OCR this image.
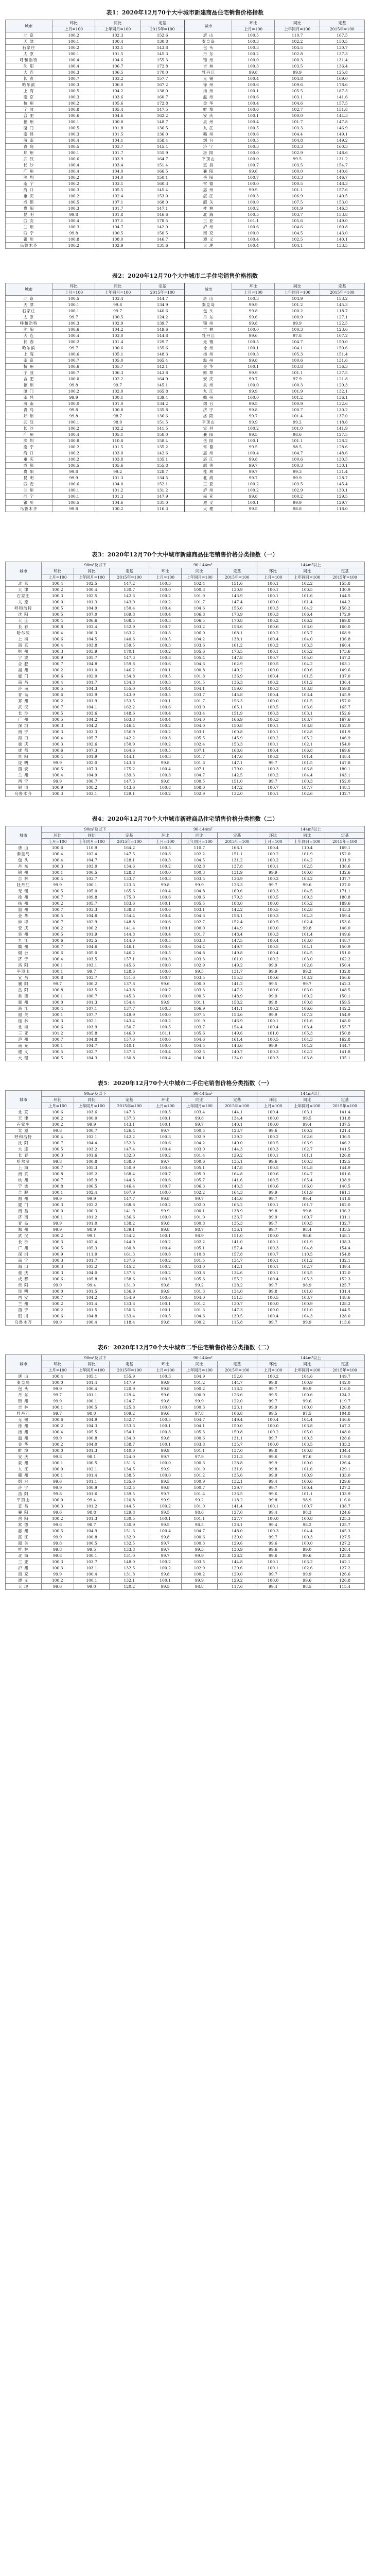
表1：2020年12月70个大中城市新建商品住宅销售价格指数
城市	环比	同比	定基	城市	环比	同比	定基
	上月=100	上年同月=100	2015年=100		上月=100	上年同月=100	2015年=100
北 京	100.2	102.3	152.6	唐 山	100.5	110.7	167.5
天 津	100.1	100.4	130.8	秦皇岛	100.3	102.2	150.5
石家庄	100.2	102.1	143.8	包 头	100.3	104.5	130.7
太 原	100.1	101.5	145.3	丹 东	100.2	102.8	137.3
呼和浩特	100.4	104.6	155.3	锦 州	100.0	100.3	131.4
沈 阳	100.4	106.7	172.8	吉 林	100.3	103.5	136.4
大 连	100.3	106.5	170.0	牡丹江	99.8	99.9	125.8
长 春	100.7	103.2	157.7	无 锡	100.4	104.8	169.0
哈尔滨	100.3	106.0	167.2	徐 州	100.6	109.6	178.6
上 海	100.5	104.2	138.0	扬 州	100.1	105.5	187.3
南 京	100.3	103.6	160.7	温 州	100.6	103.1	141.6
杭 州	100.2	105.6	172.8	金 华	100.4	104.6	157.5
宁 波	100.8	105.4	147.5	蚌 埠	100.6	102.7	151.8
合 肥	100.6	104.6	162.2	安 庆	100.1	100.0	144.3
福 州	100.1	100.8	148.7	泉 州	100.4	101.7	147.8
厦 门	100.5	101.8	136.5	九 江	100.5	103.3	146.9
南 昌	100.3	101.5	136.0	赣 州	100.6	104.4	149.1
济 南	100.4	104.1	158.4	烟 台	100.5	104.8	149.2
青 岛	100.5	103.7	145.4	济 宁	100.3	103.3	160.3
郑 州	100.1	101.7	155.9	洛 阳	100.0	102.9	148.6
武 汉	100.6	103.9	164.7	平顶山	100.0	99.5	131.2
长 沙	100.4	103.4	151.4	宜 昌	100.7	103.5	154.7
广 州	100.4	104.0	166.5	襄 阳	99.6	100.0	140.6
深 圳	100.2	104.0	150.1	岳 阳	100.7	103.3	146.7
南 宁	100.2	103.1	160.3	常 德	100.0	100.5	148.3
海 口	100.3	105.5	145.4	惠 州	99.9	101.1	157.6
重 庆	100.2	102.4	153.0	湛 江	100.3	106.9	140.5
成 都	100.5	107.1	168.0	韶 关	100.0	107.5	153.0
贵 阳	100.3	101.7	147.1	桂 林	100.2	101.9	146.3
昆 明	99.8	101.8	146.6	北 海	100.5	103.7	153.8
西 安	100.4	107.1	178.5	三 亚	101.1	105.6	149.0
兰 州	100.3	104.7	142.0	泸 州	100.6	104.6	160.8
西 宁	99.8	100.5	150.5	南 充	100.0	104.5	143.0
银 川	100.8	108.0	146.7	遵 义	100.4	102.5	140.1
乌鲁木齐	100.2	102.9	131.6	大 理	100.4	104.1	133.5
表2：2020年12月70个大中城市二手住宅销售价格指数
城市	环比	同比	定基	城市	环比	同比	定基
	上月=100	上年同月=100	2015年=100		上月=100	上年同月=100	2015年=100
北 京	100.5	103.4	144.7	唐 山	100.3	104.9	153.2
天 津	100.1	99.8	134.9	秦皇岛	99.9	101.2	145.3
石家庄	100.1	99.7	140.6	包 头	99.8	100.2	118.7
太 原	99.7	100.5	124.2	丹 东	99.6	100.9	127.1
呼和浩特	100.3	102.9	139.7	锦 州	99.8	99.9	122.5
沈 阳	100.6	104.2	149.6	吉 林	100.0	100.3	123.6
大 连	100.4	103.0	144.8	牡丹江	99.6	97.8	107.2
长 春	100.2	101.4	129.7	无 锡	100.5	104.7	150.0
哈尔滨	99.7	100.6	135.6	徐 州	100.1	104.1	150.6
上 海	100.6	105.1	148.3	扬 州	100.3	105.3	151.4
南 京	100.7	105.0	165.4	温 州	99.8	100.6	131.6
杭 州	100.6	105.7	142.1	金 华	100.1	103.8	136.3
宁 波	100.7	106.3	143.8	蚌 埠	99.9	101.1	137.5
合 肥	100.0	102.2	164.9	安 庆	99.7	97.9	121.8
福 州	99.8	99.7	145.1	泉 州	100.0	100.3	129.3
厦 门	100.2	102.0	165.8	九 江	99.9	101.9	132.1
南 昌	99.9	100.1	139.4	赣 州	100.0	101.2	136.1
济 南	100.0	101.0	134.2	烟 台	99.5	100.9	132.6
青 岛	99.8	100.8	135.8	济 宁	99.8	100.7	130.2
郑 州	99.8	98.7	136.6	洛 阳	99.7	101.4	137.0
武 汉	100.1	98.9	151.5	平顶山	99.9	99.2	118.6
长 沙	100.2	102.2	141.5	宜 昌	100.2	101.0	141.9
广 州	100.4	105.1	158.0	襄 阳	99.5	98.6	127.5
深 圳	100.8	110.8	158.4	岳 阳	100.1	101.1	128.2
南 宁	100.2	101.5	135.2	常 德	99.5	98.5	128.6
海 口	100.2	103.0	142.6	惠 州	100.4	104.7	148.6
重 庆	100.2	103.8	135.1	湛 江	99.8	100.6	130.5
成 都	100.5	105.6	155.8	韶 关	99.7	100.3	130.1
贵 阳	99.8	99.2	128.7	桂 林	99.7	99.3	131.4
昆 明	99.9	101.3	134.5	北 海	99.7	99.9	128.7
西 安	100.6	104.0	152.1	三 亚	100.2	103.5	145.4
兰 州	100.1	101.2	131.2	泸 州	100.2	102.9	130.1
西 宁	100.1	101.3	147.9	南 充	99.8	100.2	129.5
银 川	100.5	104.6	131.0	遵 义	100.1	99.9	129.7
乌鲁木齐	99.8	100.2	116.3	大 理	99.5	98.8	118.0
表3：2020年12月70个大中城市新建商品住宅销售价格分类指数（一）
城市	90m²及以下			90-144m²			144m²以上		
	环比	同比	定基	环比	同比	定基	环比	同比	定基
	上月=100	上年同月=100	2015年=100	上月=100	上年同月=100	2015年=100	上月=100	上年同月=100	2015年=100
北 京	100.4	102.5	147.2	100.3	102.4	151.6	100.1	102.2	155.8
天 津	100.2	100.4	130.7	100.0	100.3	130.9	100.1	100.5	130.9
石家庄	100.3	102.5	142.6	100.2	101.9	143.9	100.1	101.6	144.5
太 原	100.0	101.3	143.0	100.2	101.7	147.4	100.0	101.4	144.2
呼和浩特	100.5	104.9	150.4	100.4	104.6	156.6	100.3	104.2	156.2
沈 阳	100.5	107.0	169.8	100.4	106.8	173.9	100.3	106.4	172.9
大 连	100.4	106.6	168.5	100.3	106.5	170.8	100.2	106.2	169.8
长 春	100.8	103.4	152.9	100.7	103.2	158.6	100.6	103.0	160.0
哈尔滨	100.4	106.3	163.2	100.3	106.0	168.1	100.2	105.7	168.9
上 海	100.6	104.5	140.6	100.5	104.2	138.1	100.4	104.0	136.8
南 京	100.4	103.8	159.5	100.3	103.6	161.2	100.2	103.3	160.4
杭 州	100.3	105.9	170.1	100.2	105.6	173.5	100.1	105.2	173.6
宁 波	100.9	105.7	147.3	100.8	105.4	147.8	100.7	105.0	147.2
合 肥	100.7	104.8	159.8	100.6	104.6	162.9	100.5	104.2	163.1
福 州	100.2	101.0	146.2	100.1	100.8	149.2	100.0	100.6	149.6
厦 门	100.6	102.0	134.8	100.5	101.8	136.9	100.4	101.5	137.0
南 昌	100.4	101.7	134.8	100.3	101.5	136.3	100.2	101.2	136.4
济 南	100.5	104.3	155.0	100.4	104.1	159.0	100.3	103.8	159.8
青 岛	100.6	103.9	143.9	100.5	103.7	145.8	100.4	103.4	145.9
郑 州	100.2	101.9	153.5	100.1	101.7	156.3	100.0	101.5	157.0
武 汉	100.7	104.1	162.2	100.6	103.9	165.1	100.5	103.6	165.7
长 沙	100.5	103.6	148.6	100.4	103.4	151.9	100.3	103.1	152.6
广 州	100.5	104.2	163.8	100.4	104.0	166.9	100.3	103.7	167.6
深 圳	100.3	104.2	146.4	100.2	104.0	150.8	100.1	103.8	152.0
南 宁	100.3	103.3	156.9	100.2	103.1	160.8	100.1	102.8	161.9
海 口	100.4	105.7	142.2	100.3	105.5	145.9	100.2	105.2	146.9
重 庆	100.3	102.6	150.9	100.2	102.4	153.3	100.1	102.1	154.0
成 都	100.6	107.3	164.6	100.5	107.1	168.6	100.4	106.8	169.6
贵 阳	100.4	101.9	144.1	100.3	101.7	147.6	100.2	101.4	148.4
昆 明	99.9	102.0	143.8	99.8	101.8	147.1	99.7	101.5	147.8
西 安	100.5	107.3	175.2	100.4	107.1	179.0	100.3	106.8	180.1
兰 州	100.4	104.9	139.3	100.3	104.7	142.5	100.2	104.4	143.1
西 宁	99.9	100.7	147.3	99.8	100.5	151.0	99.7	100.3	152.0
银 川	100.9	108.2	143.6	100.8	108.0	147.2	100.7	107.7	148.1
乌鲁木齐	100.3	103.1	129.1	100.2	102.9	132.0	100.1	102.6	132.7
表4：2020年12月70个大中城市新建商品住宅销售价格分类指数（二）
城市	90m²及以下			90-144m²			144m²以上		
	环比	同比	定基	环比	同比	定基	环比	同比	定基
	上月=100	上年同月=100	2015年=100	上月=100	上年同月=100	2015年=100	上月=100	上年同月=100	2015年=100
唐 山	100.6	110.9	164.2	100.5	110.7	168.1	100.4	110.4	169.1
秦皇岛	100.4	102.4	147.5	100.3	102.2	151.1	100.2	101.9	152.0
包 头	100.4	104.7	128.1	100.3	104.5	131.2	100.2	104.2	131.9
丹 东	100.3	103.0	134.6	100.2	102.8	137.8	100.1	102.5	138.6
锦 州	100.1	100.5	128.8	100.0	100.3	131.9	99.9	100.0	132.6
吉 林	100.4	103.7	133.7	100.3	103.5	136.9	100.2	103.2	137.7
牡丹江	99.9	100.1	123.3	99.8	99.9	126.3	99.7	99.6	127.0
无 锡	100.5	105.0	165.6	100.4	104.8	169.6	100.3	104.5	171.1
徐 州	100.7	109.8	175.0	100.6	109.6	179.3	100.5	109.3	180.8
扬 州	100.2	105.7	183.6	100.1	105.5	188.0	100.0	105.2	189.6
温 州	100.7	103.3	138.8	100.6	103.1	142.2	100.5	102.8	143.3
金 华	100.5	104.8	154.4	100.4	104.6	158.1	100.3	104.3	159.4
蚌 埠	100.7	102.9	148.8	100.6	102.7	152.4	100.5	102.4	153.6
安 庆	100.2	100.2	141.4	100.1	100.0	144.9	100.0	99.8	146.0
泉 州	100.5	101.9	144.8	100.4	101.7	148.4	100.3	101.4	149.6
九 江	100.6	103.5	144.0	100.5	103.3	147.5	100.4	103.0	148.7
赣 州	100.7	104.6	146.1	100.6	104.4	149.7	100.5	104.1	150.9
烟 台	100.6	105.0	146.2	100.5	104.8	149.8	100.4	104.5	151.0
济 宁	100.4	103.5	157.1	100.3	103.3	161.0	100.2	103.0	162.2
洛 阳	100.1	103.1	145.6	100.0	102.9	149.2	99.9	102.6	150.4
平顶山	100.1	99.7	128.6	100.0	99.5	131.7	99.9	99.2	132.8
宜 昌	100.8	103.7	151.6	100.7	103.5	155.3	100.6	103.2	156.6
襄 阳	99.7	100.2	137.8	99.6	100.0	141.2	99.5	99.7	142.3
岳 阳	100.8	103.5	143.8	100.7	103.3	147.3	100.6	103.0	148.5
常 德	100.1	100.7	145.3	100.0	100.5	148.9	99.9	100.2	150.1
惠 州	100.0	101.3	154.4	99.9	101.1	158.2	99.8	100.8	159.5
湛 江	100.4	107.1	137.7	100.3	106.9	141.1	100.2	106.6	142.2
韶 关	100.1	107.7	149.9	100.0	107.5	153.6	99.9	107.2	154.9
桂 林	100.3	102.1	143.4	100.2	101.9	146.9	100.1	101.6	148.0
北 海	100.6	103.9	150.7	100.5	103.7	154.4	100.4	103.4	155.7
三 亚	101.2	105.8	146.0	101.1	105.6	149.6	101.0	105.3	150.8
泸 州	100.7	104.8	157.6	100.6	104.6	161.4	100.5	104.3	162.8
南 充	100.1	104.7	140.1	100.0	104.5	143.6	99.9	104.2	144.7
遵 义	100.5	102.7	137.3	100.4	102.5	140.7	100.3	102.2	141.8
大 理	100.5	104.3	130.8	100.4	104.1	134.0	100.3	103.8	135.1
表5：2020年12月70个大中城市二手住宅销售价格分类指数（一）
城市	90m²及以下			90-144m²			144m²以上		
	环比	同比	定基	环比	同比	定基	环比	同比	定基
	上月=100	上年同月=100	2015年=100	上月=100	上年同月=100	2015年=100	上月=100	上年同月=100	2015年=100
北 京	100.6	103.6	147.3	100.5	103.4	144.1	100.4	103.1	141.4
天 津	100.2	100.0	137.3	100.1	99.8	134.4	100.0	99.5	131.8
石家庄	100.2	99.9	143.1	100.1	99.7	140.1	100.0	99.4	137.5
太 原	99.8	100.7	126.4	99.7	100.5	123.7	99.6	100.2	121.4
呼和浩特	100.4	103.1	142.2	100.3	102.9	139.2	100.2	102.6	136.5
沈 阳	100.7	104.4	152.3	100.6	104.2	149.0	100.5	103.9	146.2
大 连	100.5	103.2	147.4	100.4	103.0	144.3	100.3	102.7	141.5
长 春	100.3	101.6	132.0	100.2	101.4	129.2	100.1	101.1	126.8
哈尔滨	99.8	100.8	138.0	99.7	100.6	135.1	99.6	100.3	132.5
上 海	100.7	105.3	150.9	100.6	105.1	147.8	100.5	104.8	144.9
南 京	100.8	105.2	168.4	100.7	105.0	164.8	100.6	104.7	161.6
杭 州	100.7	105.9	144.6	100.6	105.7	141.6	100.5	105.4	138.9
宁 波	100.8	106.5	146.4	100.7	106.3	143.3	100.6	106.0	140.5
合 肥	100.1	102.4	167.9	100.0	102.2	164.3	99.9	101.9	161.1
福 州	99.9	99.9	147.7	99.8	99.7	144.6	99.7	99.4	141.8
厦 门	100.3	102.2	168.8	100.2	102.0	165.2	100.1	101.7	162.0
南 昌	100.0	100.3	141.9	99.9	100.1	138.9	99.8	99.8	136.2
济 南	100.1	101.2	136.6	100.0	101.0	133.7	99.9	100.7	131.1
青 岛	99.9	101.0	138.2	99.8	100.8	135.3	99.7	100.5	132.7
郑 州	99.9	98.9	139.1	99.8	98.7	136.1	99.7	98.4	133.5
武 汉	100.2	99.1	154.2	100.1	98.9	151.0	100.0	98.6	148.1
长 沙	100.3	102.4	144.0	100.2	102.2	141.0	100.1	101.9	138.3
广 州	100.5	105.3	160.8	100.4	105.1	157.4	100.3	104.8	154.4
深 圳	100.9	111.0	161.3	100.8	110.8	157.8	100.7	110.5	154.8
南 宁	100.3	101.7	137.6	100.2	101.5	134.7	100.1	101.2	132.1
海 口	100.3	103.2	145.2	100.2	103.0	142.1	100.1	102.7	139.4
重 庆	100.3	104.0	137.6	100.2	103.8	134.6	100.1	103.5	132.0
成 都	100.6	105.8	158.6	100.5	105.6	155.2	100.4	105.3	152.3
贵 阳	99.9	99.4	131.0	99.8	99.2	128.2	99.7	98.9	125.7
昆 明	100.0	101.5	136.9	99.9	101.3	134.0	99.8	101.0	131.4
西 安	100.7	104.2	154.9	100.6	104.0	151.5	100.5	103.7	148.6
兰 州	100.2	101.4	133.6	100.1	101.2	130.7	100.0	100.9	128.2
西 宁	100.2	101.5	150.6	100.1	101.3	147.3	100.0	101.0	144.5
银 川	100.6	104.8	133.4	100.5	104.6	130.5	100.4	104.3	128.0
乌鲁木齐	99.9	100.4	118.4	99.8	100.2	115.8	99.7	99.9	113.6
表6：2020年12月70个大中城市二手住宅销售价格分类指数（二）
城市	90m²及以下			90-144m²			144m²以上		
	环比	同比	定基	环比	同比	定基	环比	同比	定基
	上月=100	上年同月=100	2015年=100	上月=100	上年同月=100	2015年=100	上月=100	上年同月=100	2015年=100
唐 山	100.4	105.1	155.9	100.3	104.9	152.6	100.2	104.6	149.7
秦皇岛	100.0	101.4	147.9	99.9	101.2	144.7	99.8	100.9	142.0
包 头	99.9	100.4	120.9	99.8	100.2	118.2	99.7	99.9	116.0
丹 东	99.7	101.1	129.4	99.6	100.9	126.6	99.5	100.6	124.2
锦 州	99.9	100.1	124.7	99.8	99.9	122.0	99.7	99.6	119.7
吉 林	100.1	100.5	125.8	100.0	100.3	123.1	99.9	100.0	120.8
牡丹江	99.7	98.0	109.2	99.6	97.8	106.8	99.5	97.5	104.8
无 锡	100.6	104.9	152.7	100.5	104.7	149.4	100.4	104.4	146.6
徐 州	100.2	104.3	153.3	100.1	104.1	150.0	100.0	103.8	147.2
扬 州	100.4	105.5	154.1	100.3	105.3	150.8	100.2	105.0	148.0
温 州	99.9	100.8	134.0	99.8	100.6	131.1	99.7	100.3	128.6
金 华	100.2	104.0	138.7	100.1	103.8	135.7	100.0	103.5	133.2
蚌 埠	100.0	101.3	140.0	99.9	101.1	137.0	99.8	100.8	134.4
安 庆	99.8	98.1	124.0	99.7	97.9	121.3	99.6	97.6	119.0
泉 州	100.1	100.5	131.6	100.0	100.3	128.8	99.9	100.0	126.4
九 江	100.0	102.1	134.5	99.9	101.9	131.6	99.8	101.6	129.1
赣 州	100.1	101.4	138.5	100.0	101.2	135.6	99.9	100.9	133.0
烟 台	99.6	101.1	135.0	99.5	100.9	132.1	99.4	100.6	129.6
济 宁	99.9	100.9	132.5	99.8	100.7	129.7	99.7	100.4	127.2
洛 阳	99.8	101.6	139.5	99.7	101.4	136.5	99.6	101.1	133.9
平顶山	100.0	99.4	120.8	99.9	99.2	118.2	99.8	98.9	116.0
宜 昌	100.3	101.2	144.5	100.2	101.0	141.4	100.1	100.7	138.7
襄 阳	99.6	98.8	129.8	99.5	98.6	127.0	99.4	98.3	124.6
岳 阳	100.2	101.3	130.5	100.1	101.1	127.7	100.0	100.8	125.3
常 德	99.6	98.7	130.9	99.5	98.5	128.1	99.4	98.2	125.7
惠 州	100.5	104.9	151.3	100.4	104.7	148.0	100.3	104.4	145.3
湛 江	99.9	100.8	132.9	99.8	100.6	130.0	99.7	100.3	127.5
韶 关	99.8	100.5	132.5	99.7	100.3	129.6	99.6	100.0	127.2
桂 林	99.8	99.5	133.8	99.7	99.3	130.9	99.6	99.0	128.4
北 海	99.8	100.1	131.0	99.7	99.9	128.2	99.6	99.6	125.8
三 亚	100.3	103.7	148.0	100.2	103.5	144.8	100.1	103.2	142.1
泸 州	100.3	103.1	132.5	100.2	102.9	129.6	100.1	102.6	127.2
南 充	99.9	100.4	131.8	99.8	100.2	129.0	99.7	99.9	126.6
遵 义	100.2	100.1	132.1	100.1	99.9	129.2	100.0	99.6	126.8
大 理	99.6	99.0	120.2	99.5	98.8	117.6	99.4	98.5	115.4
